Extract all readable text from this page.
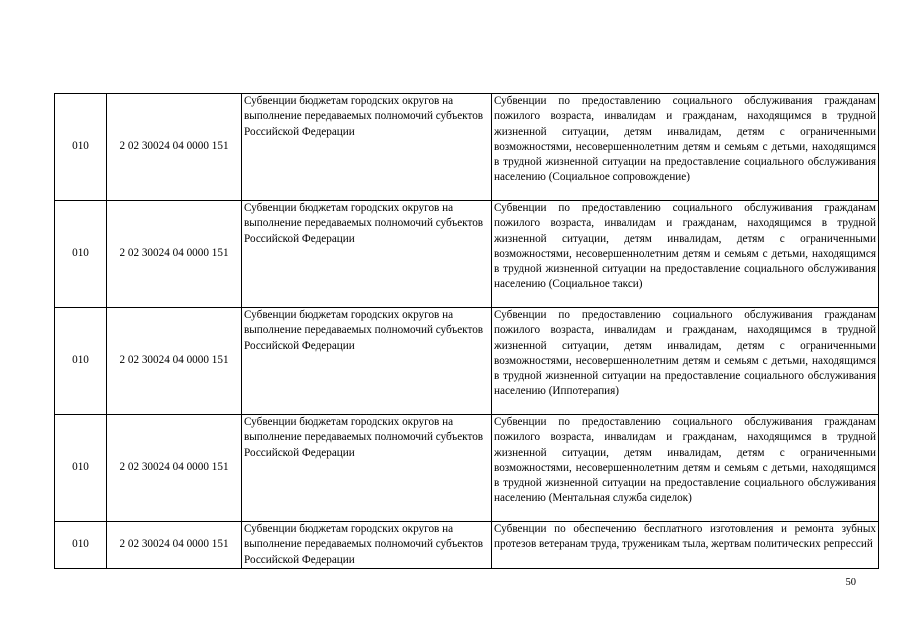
010	2 02 30024 04 0000 151	Субвенции бюджетам городских округов на выполнение передаваемых полномочий субъектов Российской Федерации	Субвенции по предоставлению социального обслуживания гражданам пожилого возраста, инвалидам и гражданам, находящимся в трудной жизненной ситуации, детям инвалидам, детям с ограниченными возможностями, несовершеннолетним детям и семьям с детьми, находящимся в трудной жизненной ситуации на предоставление социального обслуживания населению (Социальное сопровождение)
010	2 02 30024 04 0000 151	Субвенции бюджетам городских округов на выполнение передаваемых полномочий субъектов Российской Федерации	Субвенции по предоставлению социального обслуживания гражданам пожилого возраста, инвалидам и гражданам, находящимся в трудной жизненной ситуации, детям инвалидам, детям с ограниченными возможностями, несовершеннолетним детям и семьям с детьми, находящимся в трудной жизненной ситуации на предоставление социального обслуживания населению (Социальное такси)
010	2 02 30024 04 0000 151	Субвенции бюджетам городских округов на выполнение передаваемых полномочий субъектов Российской Федерации	Субвенции по предоставлению социального обслуживания гражданам пожилого возраста, инвалидам и гражданам, находящимся в трудной жизненной ситуации, детям инвалидам, детям с ограниченными возможностями, несовершеннолетним детям и семьям с детьми, находящимся в трудной жизненной ситуации на предоставление социального обслуживания населению (Иппотерапия)
010	2 02 30024 04 0000 151	Субвенции бюджетам городских округов на выполнение передаваемых полномочий субъектов Российской Федерации	Субвенции по предоставлению социального обслуживания гражданам пожилого возраста, инвалидам и гражданам, находящимся в трудной жизненной ситуации, детям инвалидам, детям с ограниченными возможностями, несовершеннолетним детям и семьям с детьми, находящимся в трудной жизненной ситуации на предоставление социального обслуживания населению (Ментальная служба сиделок)
010	2 02 30024 04 0000 151	Субвенции бюджетам городских округов на выполнение передаваемых полномочий субъектов Российской Федерации	Субвенции по обеспечению бесплатного изготовления и ремонта зубных протезов ветеранам труда, труженикам тыла, жертвам политических репрессий
50
